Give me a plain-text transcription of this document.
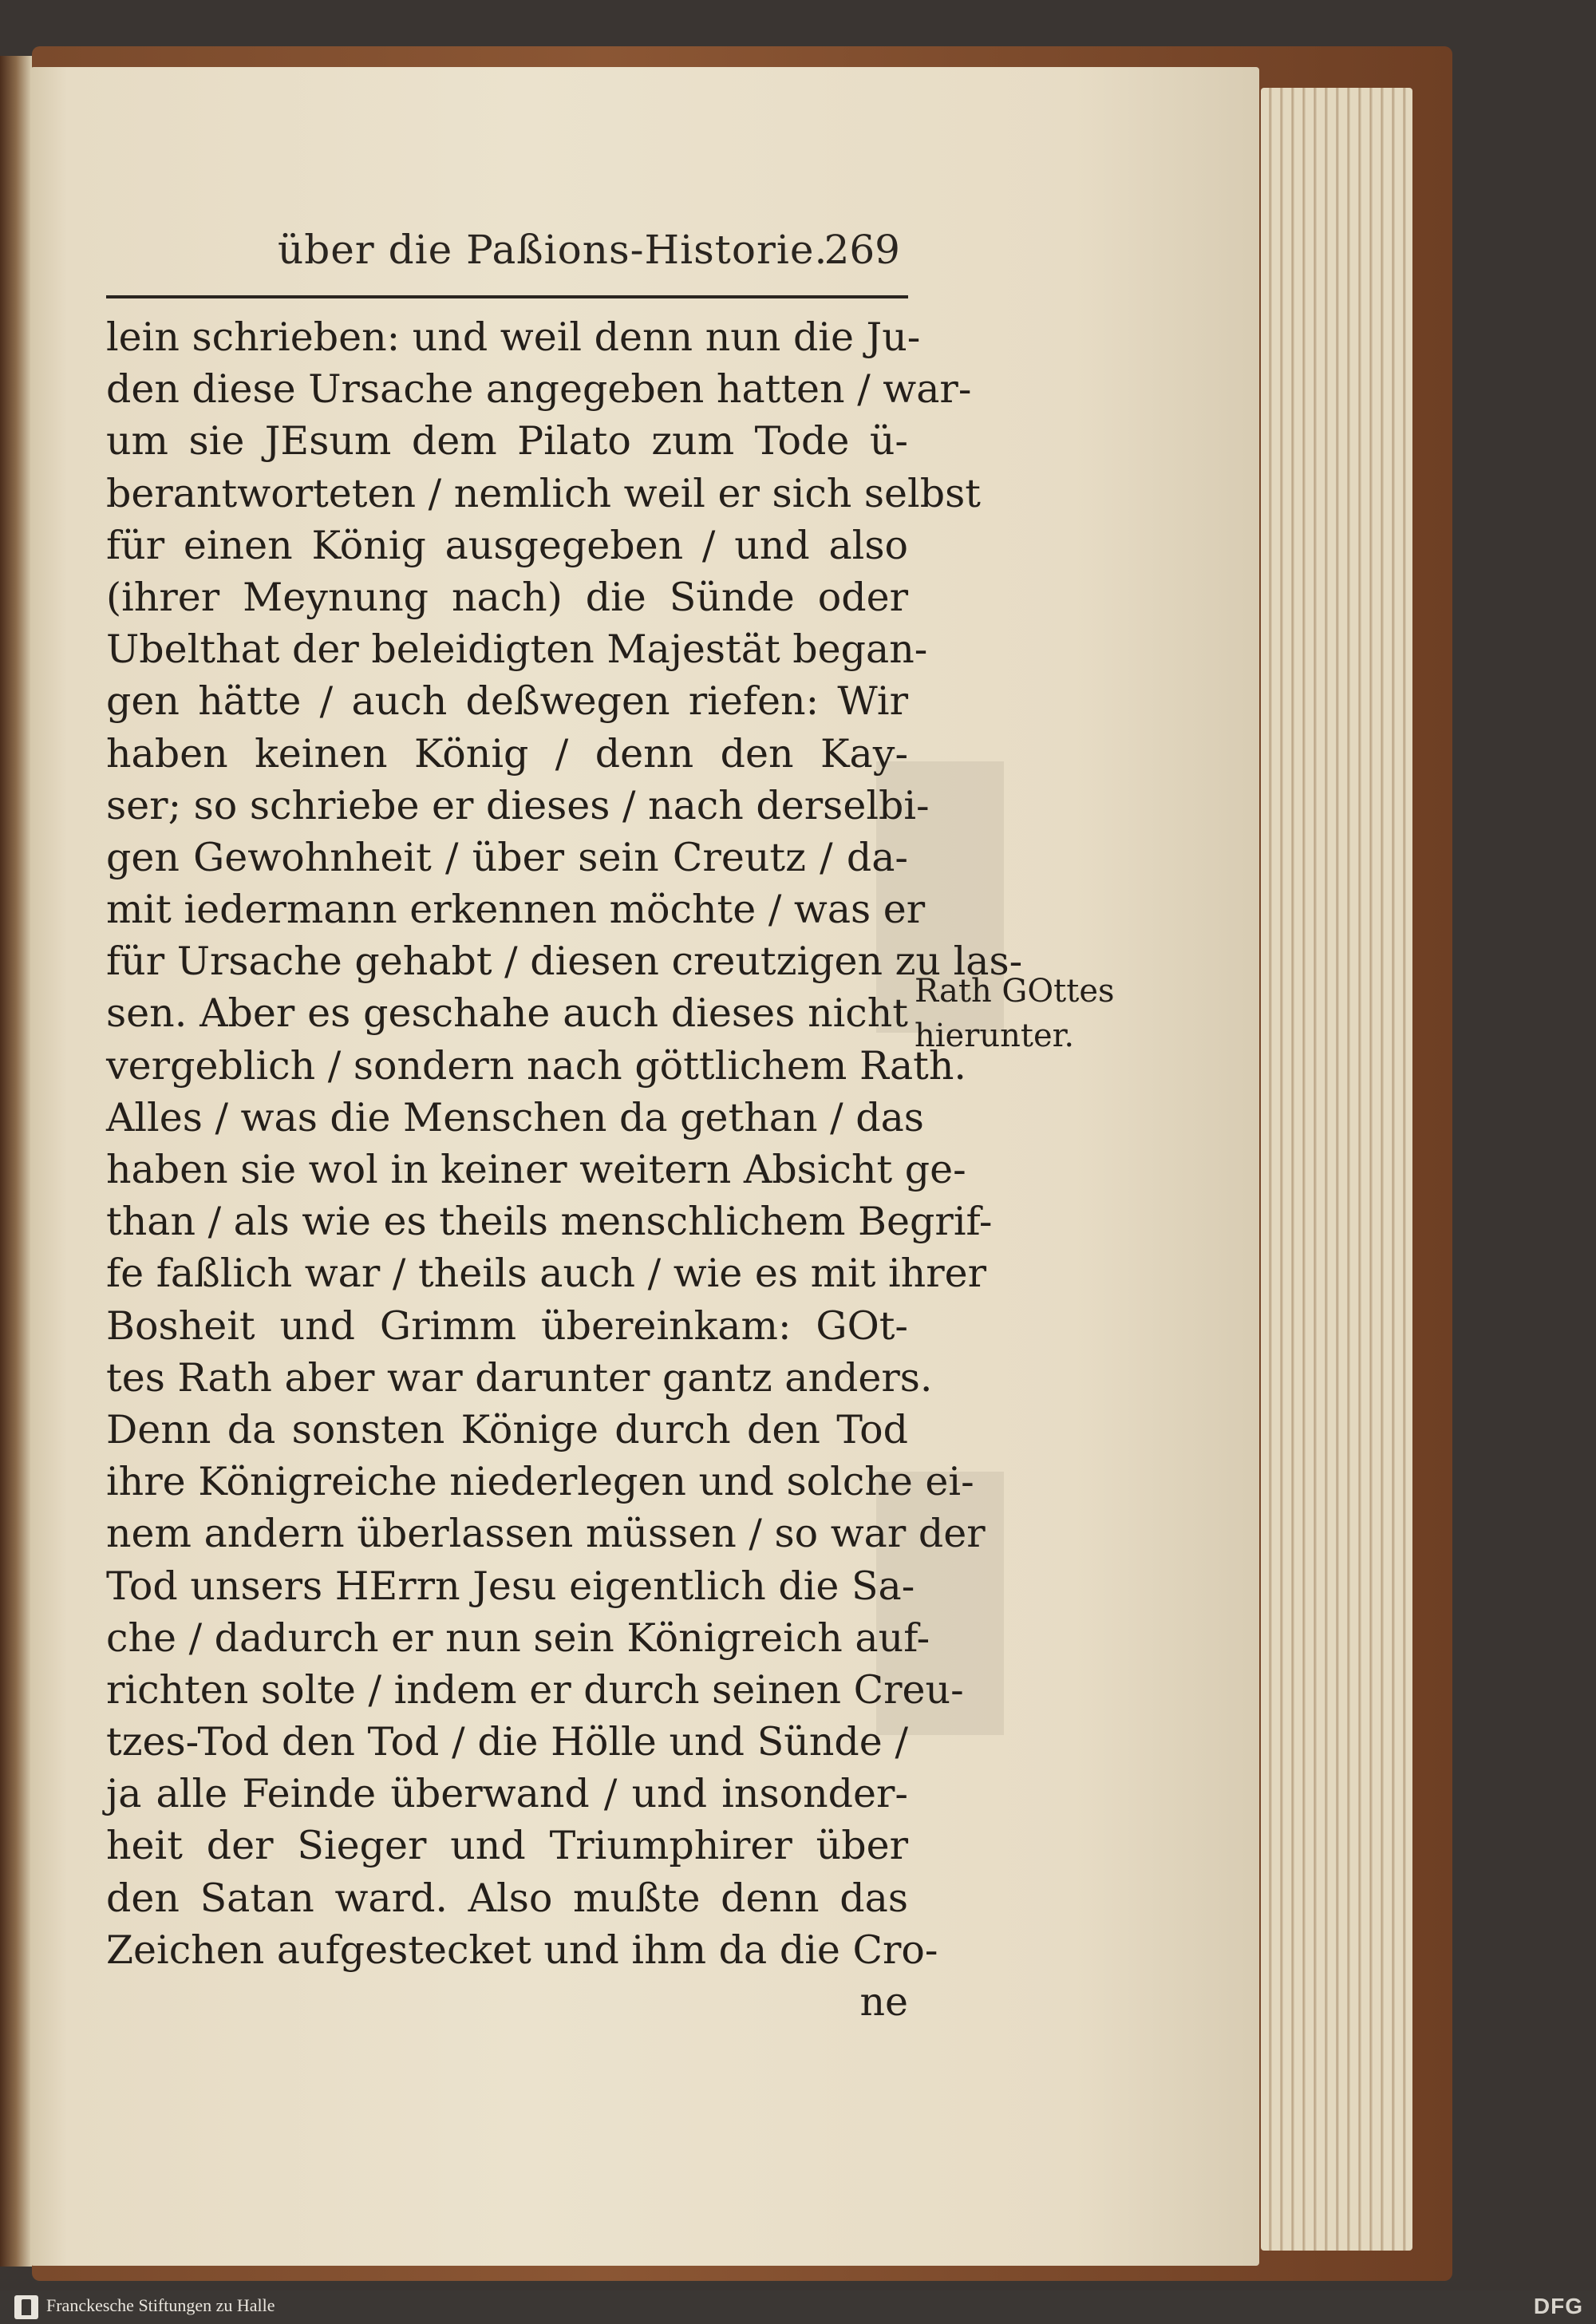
über die Paßions-Historie.
269
lein schrieben: und weil denn nun die Ju-
den diese Ursache angegeben hatten / war-
um sie JEsum dem Pilato zum Tode ü-
berantworteten / nemlich weil er sich selbst
für einen König ausgegeben / und also
(ihrer Meynung nach) die Sünde oder
Ubelthat der beleidigten Majestät began-
gen hätte / auch deßwegen riefen: Wir
haben keinen König / denn den Kay-
ser; so schriebe er dieses / nach derselbi-
gen Gewohnheit / über sein Creutz / da-
mit iedermann erkennen möchte / was er
für Ursache gehabt / diesen creutzigen zu las-
sen. Aber es geschahe auch dieses nicht
vergeblich / sondern nach göttlichem Rath.
Alles / was die Menschen da gethan / das
haben sie wol in keiner weitern Absicht ge-
than / als wie es theils menschlichem Begrif-
fe faßlich war / theils auch / wie es mit ihrer
Bosheit und Grimm übereinkam: GOt-
tes Rath aber war darunter gantz anders.
Denn da sonsten Könige durch den Tod
ihre Königreiche niederlegen und solche ei-
nem andern überlassen müssen / so war der
Tod unsers HErrn Jesu eigentlich die Sa-
che / dadurch er nun sein Königreich auf-
richten solte / indem er durch seinen Creu-
tzes-Tod den Tod / die Hölle und Sünde /
ja alle Feinde überwand / und insonder-
heit der Sieger und Triumphirer über
den Satan ward. Also mußte denn das
Zeichen aufgestecket und ihm da die Cro-
ne
Rath GOttes
hierunter.
Franckesche Stiftungen zu Halle	DFG
